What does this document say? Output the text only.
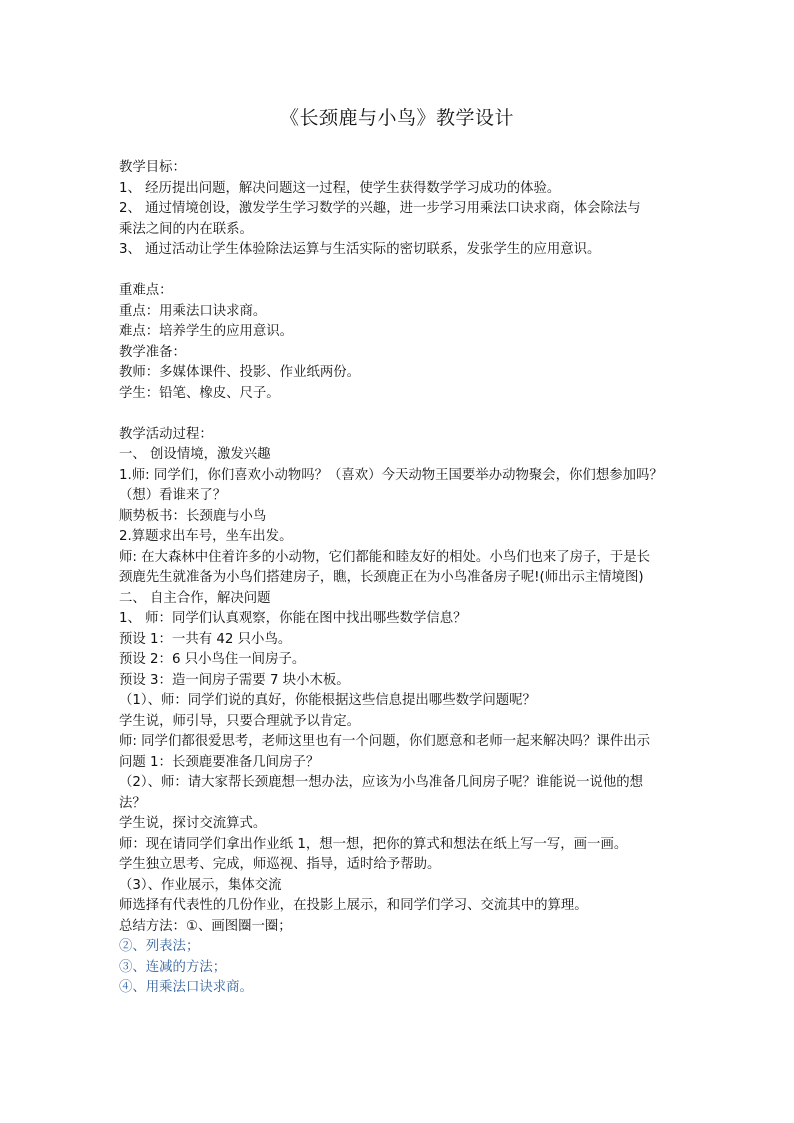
《长颈鹿与小鸟》教学设计
教学目标：
1、 经历提出问题，解决问题这一过程，使学生获得数学学习成功的体验。
2、 通过情境创设，激发学生学习数学的兴趣，进一步学习用乘法口诀求商，体会除法与
乘法之间的内在联系。
3、 通过活动让学生体验除法运算与生活实际的密切联系，发张学生的应用意识。
重难点：
重点：用乘法口诀求商。
难点：培养学生的应用意识。
教学准备：
教师：多媒体课件、投影、作业纸两份。
学生：铅笔、橡皮、尺子。
教学活动过程：
一、 创设情境，激发兴趣
1.师: 同学们，你们喜欢小动物吗？（喜欢）今天动物王国要举办动物聚会，你们想参加吗？
（想）看谁来了？
顺势板书：长颈鹿与小鸟
2.算题求出车号，坐车出发。
师: 在大森林中住着许多的小动物，它们都能和睦友好的相处。小鸟们也来了房子，于是长
颈鹿先生就准备为小鸟们搭建房子，瞧，长颈鹿正在为小鸟准备房子呢!(师出示主情境图)
二、 自主合作，解决问题
1、 师：同学们认真观察，你能在图中找出哪些数学信息？
预设 1：一共有 42 只小鸟。
预设 2：6 只小鸟住一间房子。
预设 3：造一间房子需要 7 块小木板。
（1）、师：同学们说的真好，你能根据这些信息提出哪些数学问题呢？
学生说，师引导，只要合理就予以肯定。
师: 同学们都很爱思考，老师这里也有一个问题，你们愿意和老师一起来解决吗？课件出示
问题 1：长颈鹿要准备几间房子？
（2）、师：请大家帮长颈鹿想一想办法，应该为小鸟准备几间房子呢？谁能说一说他的想
法？
学生说，探讨交流算式。
师：现在请同学们拿出作业纸 1，想一想，把你的算式和想法在纸上写一写，画一画。
学生独立思考、完成，师巡视、指导，适时给予帮助。
（3）、作业展示，集体交流
师选择有代表性的几份作业，在投影上展示，和同学们学习、交流其中的算理。
总结方法：①、画图圈一圈；
②、列表法；
③、连减的方法；
④、用乘法口诀求商。
